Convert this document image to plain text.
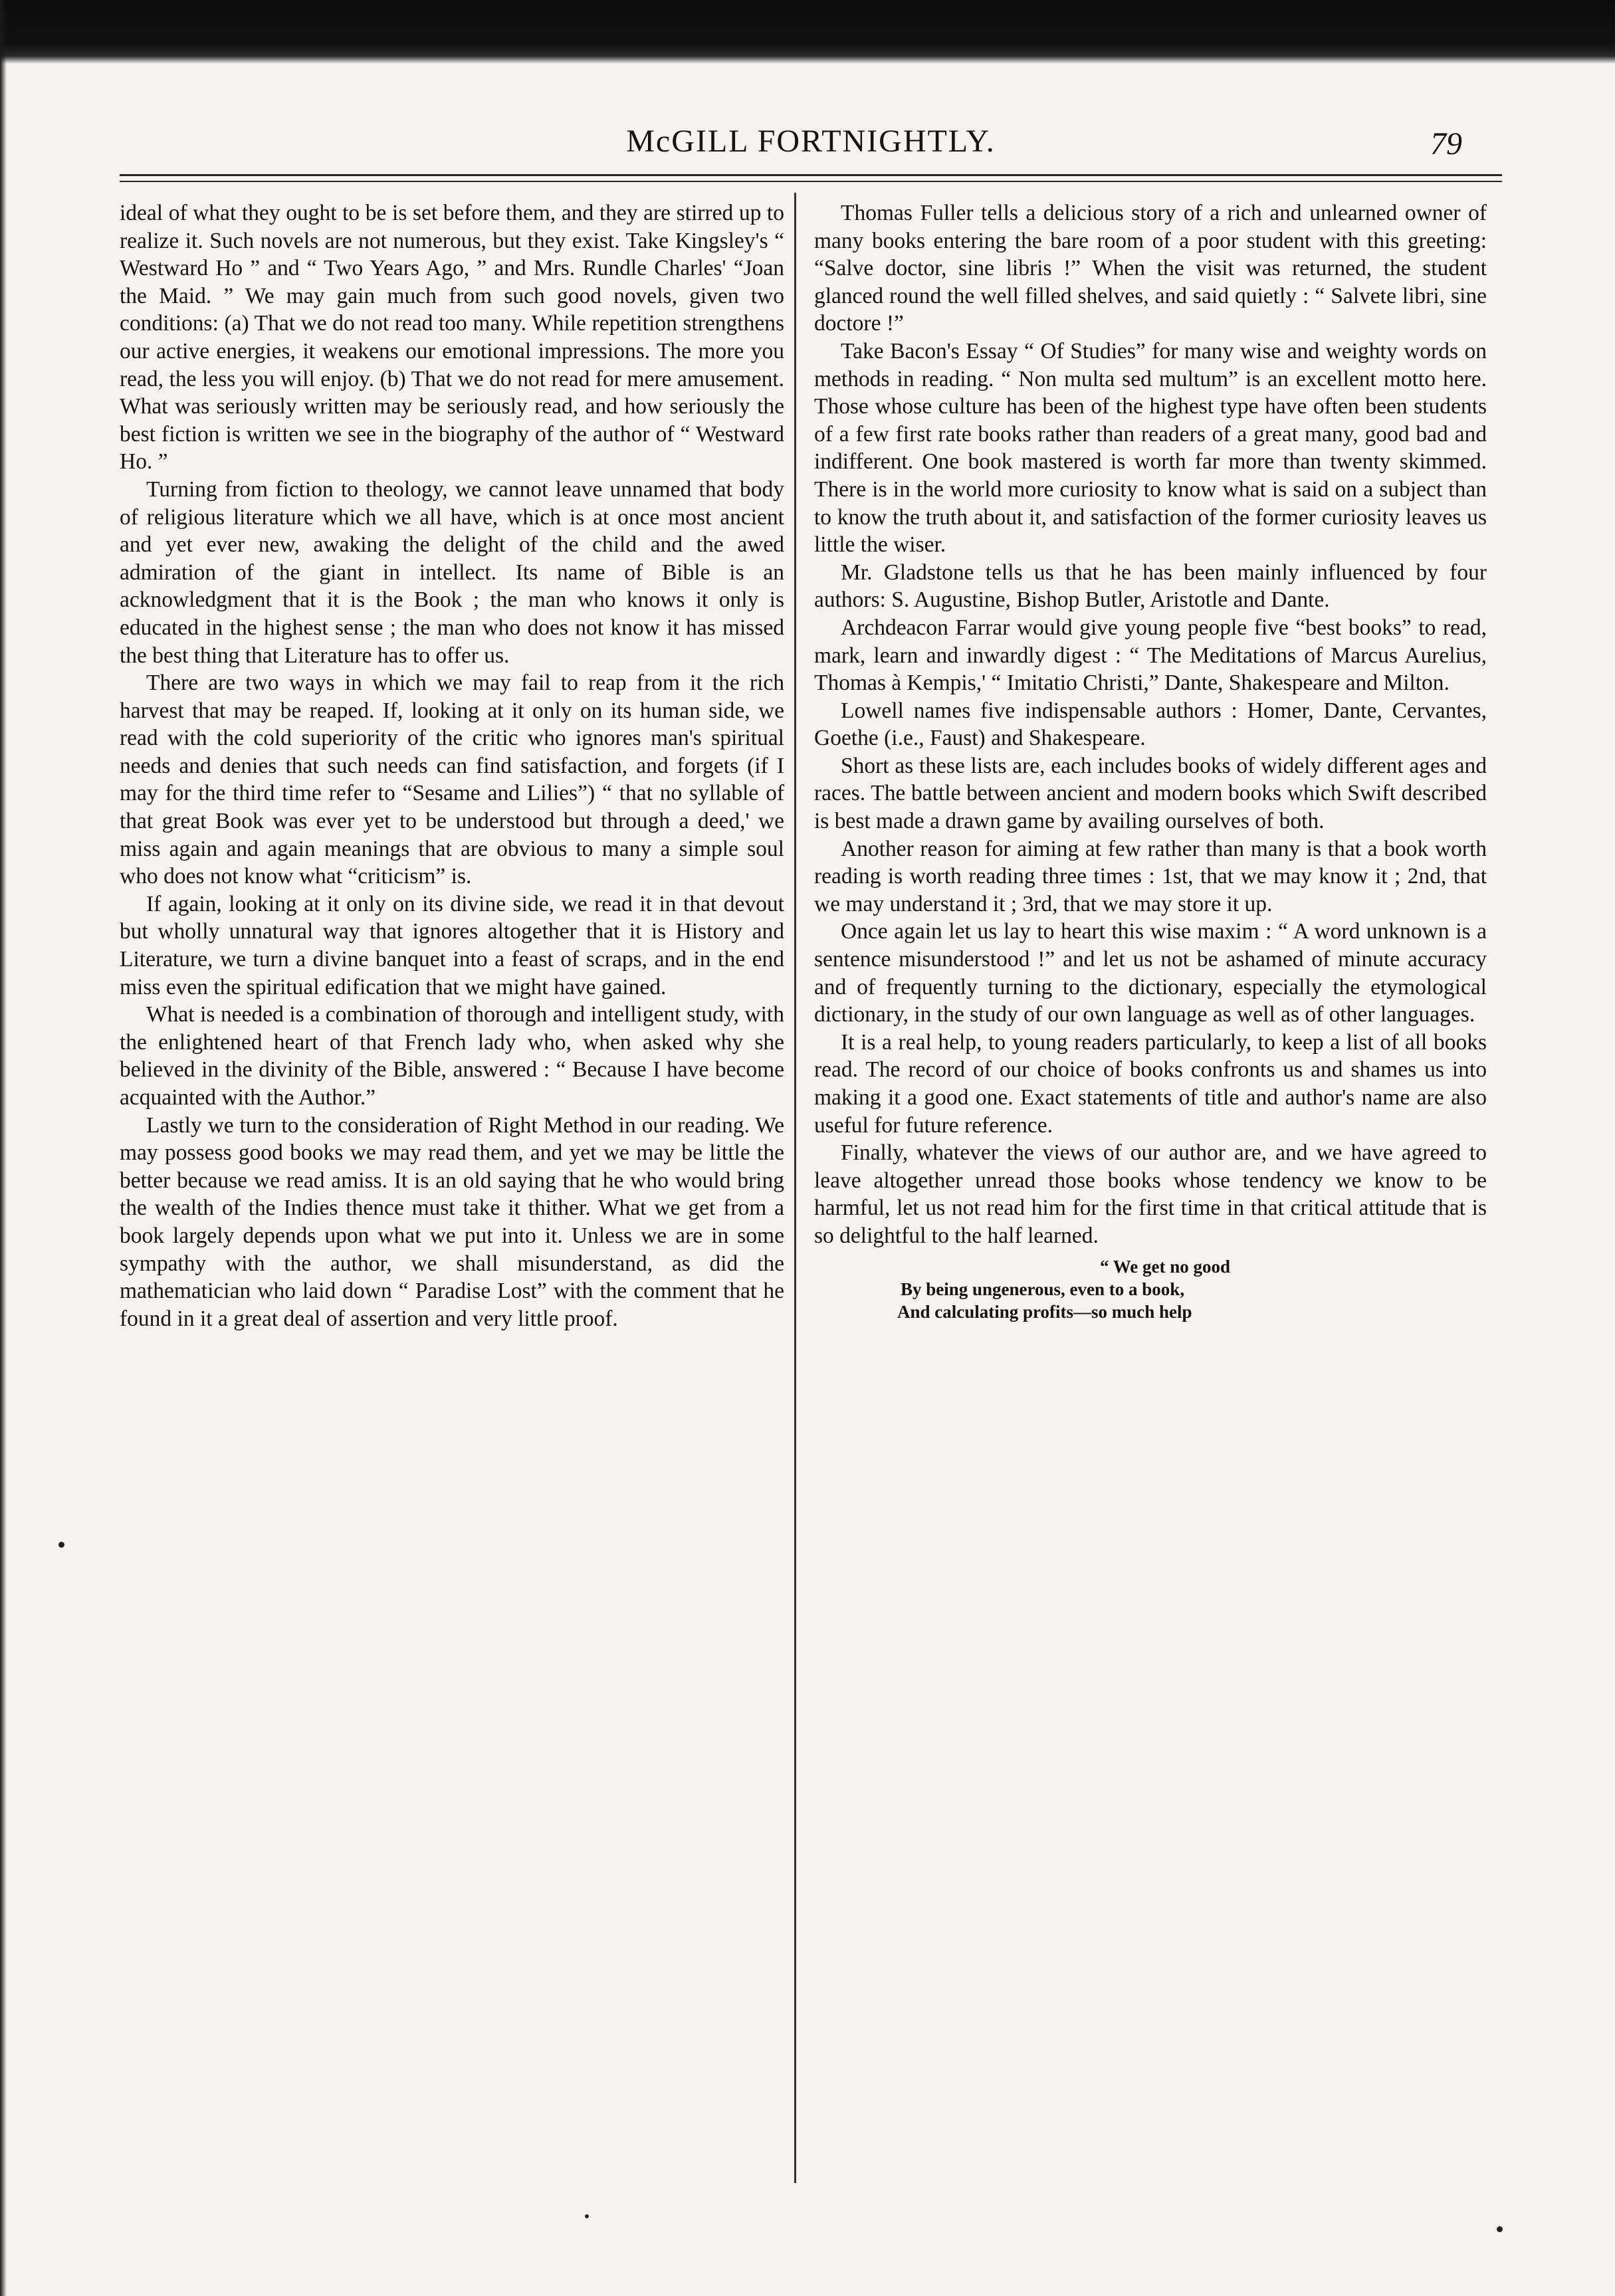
McGILL FORTNIGHTLY.	79

ideal of what they ought to be is set before them, and they are stirred up to realize it. Such novels are not numerous, but they exist. Take Kingsley's “ Westward Ho ” and “ Two Years Ago, ” and Mrs. Rundle Charles' “Joan the Maid. ” We may gain much from such good novels, given two conditions: (a) That we do not read too many. While repetition strengthens our active energies, it weakens our emotional impressions. The more you read, the less you will enjoy. (b) That we do not read for mere amusement. What was seriously written may be seriously read, and how seriously the best fiction is written we see in the biography of the author of “ Westward Ho. ”

Turning from fiction to theology, we cannot leave unnamed that body of religious literature which we all have, which is at once most ancient and yet ever new, awaking the delight of the child and the awed admiration of the giant in intellect. Its name of Bible is an acknowledgment that it is the Book ; the man who knows it only is educated in the highest sense ; the man who does not know it has missed the best thing that Literature has to offer us.

There are two ways in which we may fail to reap from it the rich harvest that may be reaped. If, looking at it only on its human side, we read with the cold superiority of the critic who ignores man's spiritual needs and denies that such needs can find satisfaction, and forgets (if I may for the third time refer to “Sesame and Lilies”) “ that no syllable of that great Book was ever yet to be understood but through a deed,' we miss again and again meanings that are obvious to many a simple soul who does not know what “criticism” is.

If again, looking at it only on its divine side, we read it in that devout but wholly unnatural way that ignores altogether that it is History and Literature, we turn a divine banquet into a feast of scraps, and in the end miss even the spiritual edification that we might have gained.

What is needed is a combination of thorough and intelligent study, with the enlightened heart of that French lady who, when asked why she believed in the divinity of the Bible, answered : “ Because I have become acquainted with the Author.”

Lastly we turn to the consideration of Right Method in our reading. We may possess good books we may read them, and yet we may be little the better because we read amiss. It is an old saying that he who would bring the wealth of the Indies thence must take it thither. What we get from a book largely depends upon what we put into it. Unless we are in some sympathy with the author, we shall misunderstand, as did the mathematician who laid down “ Paradise Lost” with the comment that he found in it a great deal of assertion and very little proof.

Thomas Fuller tells a delicious story of a rich and unlearned owner of many books entering the bare room of a poor student with this greeting: “Salve doctor, sine libris !” When the visit was returned, the student glanced round the well filled shelves, and said quietly : “ Salvete libri, sine doctore !”

Take Bacon's Essay “ Of Studies” for many wise and weighty words on methods in reading. “ Non multa sed multum” is an excellent motto here. Those whose culture has been of the highest type have often been students of a few first rate books rather than readers of a great many, good bad and indifferent. One book mastered is worth far more than twenty skimmed. There is in the world more curiosity to know what is said on a subject than to know the truth about it, and satisfaction of the former curiosity leaves us little the wiser.

Mr. Gladstone tells us that he has been mainly influenced by four authors: S. Augustine, Bishop Butler, Aristotle and Dante.

Archdeacon Farrar would give young people five “best books” to read, mark, learn and inwardly digest : “ The Meditations of Marcus Aurelius, Thomas à Kempis,' “ Imitatio Christi,” Dante, Shakespeare and Milton.

Lowell names five indispensable authors : Homer, Dante, Cervantes, Goethe (i.e., Faust) and Shakespeare.

Short as these lists are, each includes books of widely different ages and races. The battle between ancient and modern books which Swift described is best made a drawn game by availing ourselves of both.

Another reason for aiming at few rather than many is that a book worth reading is worth reading three times : 1st, that we may know it ; 2nd, that we may understand it ; 3rd, that we may store it up.

Once again let us lay to heart this wise maxim : “ A word unknown is a sentence misunderstood !” and let us not be ashamed of minute accuracy and of frequently turning to the dictionary, especially the etymological dictionary, in the study of our own language as well as of other languages.

It is a real help, to young readers particularly, to keep a list of all books read. The record of our choice of books confronts us and shames us into making it a good one. Exact statements of title and author's name are also useful for future reference.

Finally, whatever the views of our author are, and we have agreed to leave altogether unread those books whose tendency we know to be harmful, let us not read him for the first time in that critical attitude that is so delightful to the half learned.

“ We get no good
By being ungenerous, even to a book,
And calculating profits—so much help
